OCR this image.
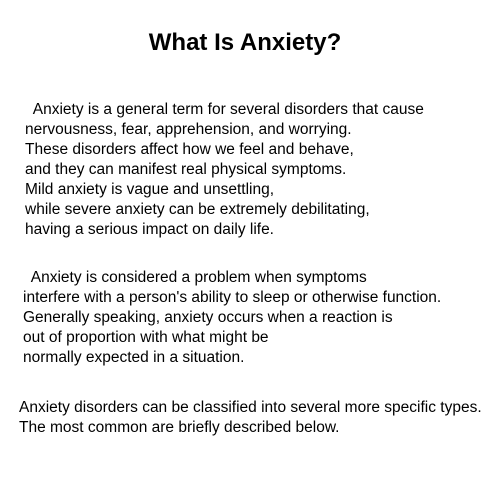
What Is Anxiety?
Anxiety is a general term for several disorders that cause
nervousness, fear, apprehension, and worrying.
These disorders affect how we feel and behave,
and they can manifest real physical symptoms.
Mild anxiety is vague and unsettling,
while severe anxiety can be extremely debilitating,
having a serious impact on daily life.
Anxiety is considered a problem when symptoms
interfere with a person's ability to sleep or otherwise function.
Generally speaking, anxiety occurs when a reaction is
out of proportion with what might be
normally expected in a situation.
Anxiety disorders can be classified into several more specific types.
The most common are briefly described below.
